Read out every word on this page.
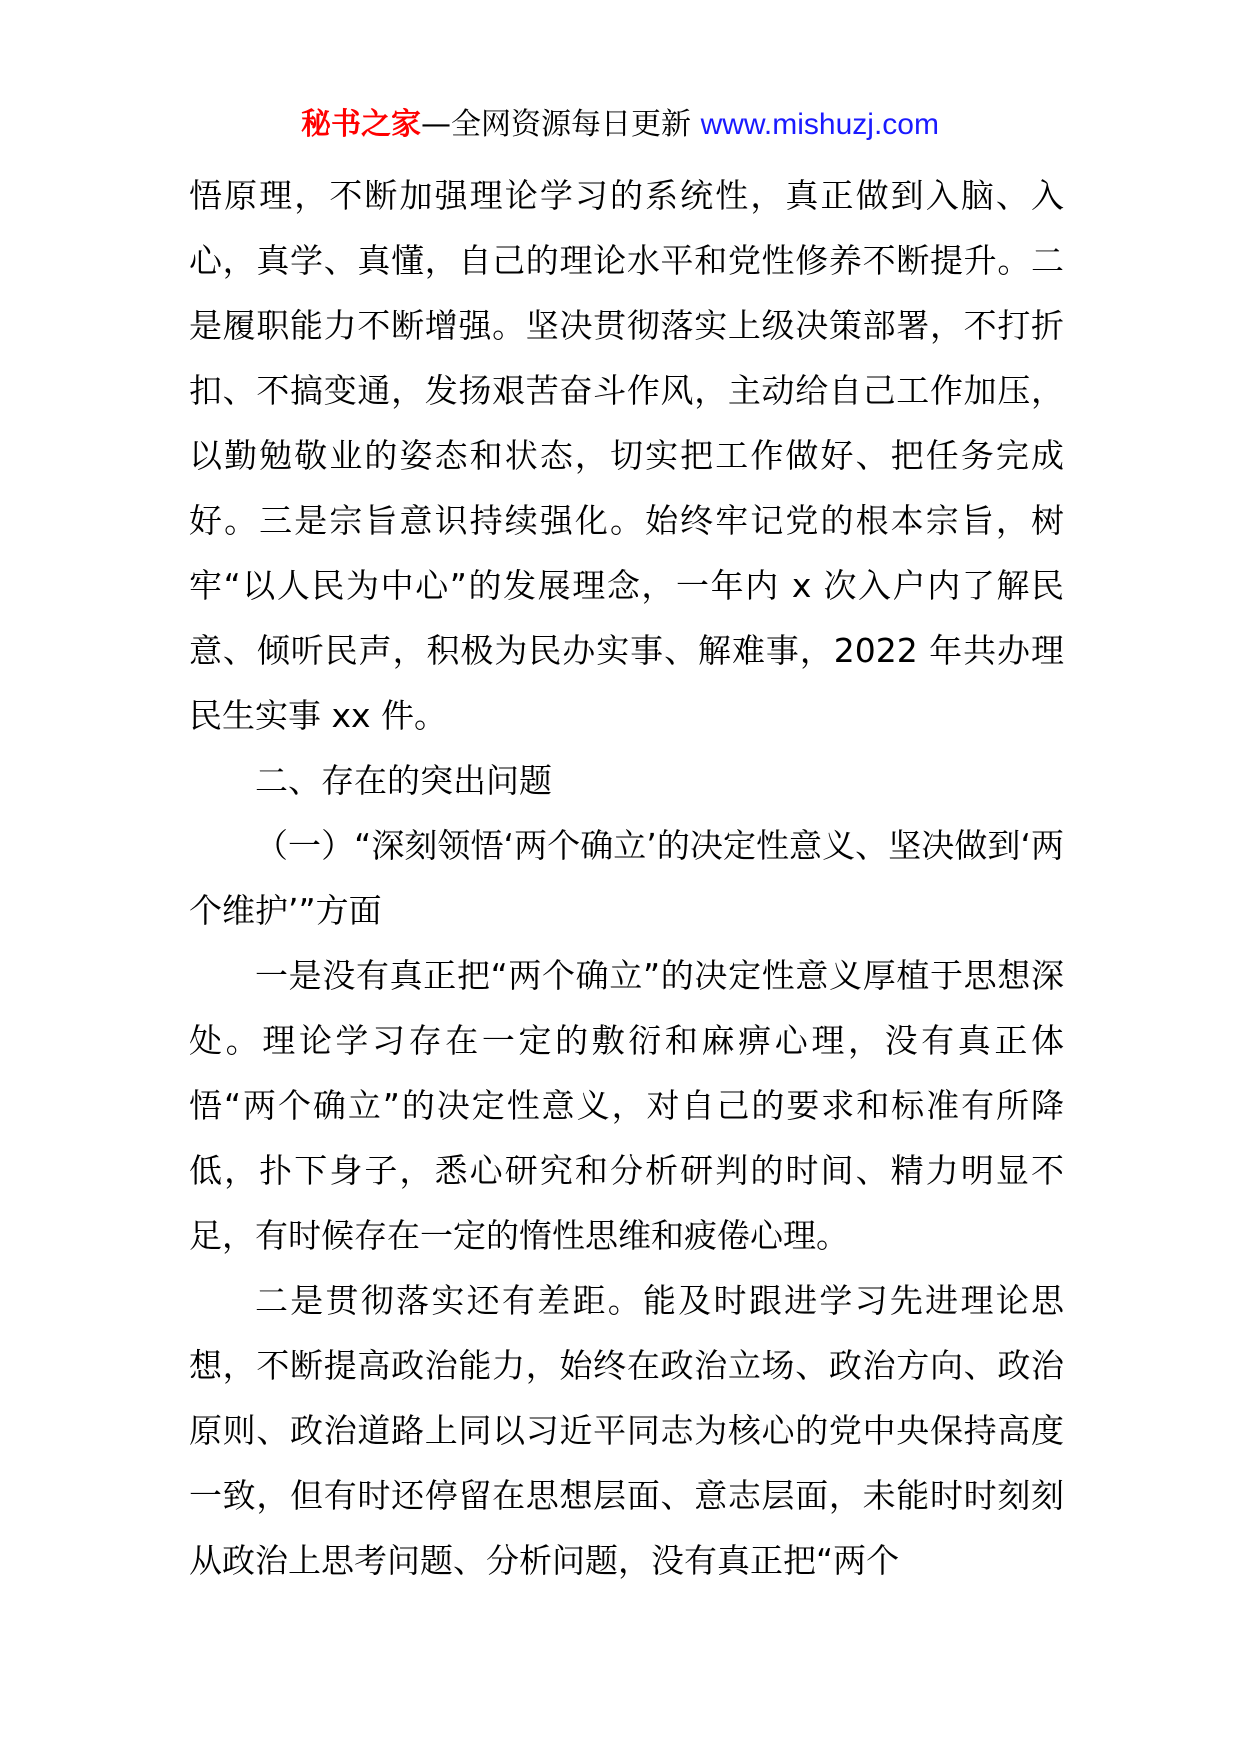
秘书之家—全网资源每日更新 www.mishuzj.com

悟原理，不断加强理论学习的系统性，真正做到入脑、入心，真学、真懂，自己的理论水平和党性修养不断提升。二是履职能力不断增强。坚决贯彻落实上级决策部署，不打折扣、不搞变通，发扬艰苦奋斗作风，主动给自己工作加压，以勤勉敬业的姿态和状态，切实把工作做好、把任务完成好。三是宗旨意识持续强化。始终牢记党的根本宗旨，树牢“以人民为中心”的发展理念，一年内 x 次入户内了解民意、倾听民声，积极为民办实事、解难事，2022 年共办理民生实事 xx 件。

二、存在的突出问题

（一）“深刻领悟‘两个确立’的决定性意义、坚决做到‘两个维护’”方面

一是没有真正把“两个确立”的决定性意义厚植于思想深处。理论学习存在一定的敷衍和麻痹心理，没有真正体悟“两个确立”的决定性意义，对自己的要求和标准有所降低，扑下身子，悉心研究和分析研判的时间、精力明显不足，有时候存在一定的惰性思维和疲倦心理。

二是贯彻落实还有差距。能及时跟进学习先进理论思想，不断提高政治能力，始终在政治立场、政治方向、政治原则、政治道路上同以习近平同志为核心的党中央保持高度一致，但有时还停留在思想层面、意志层面，未能时时刻刻从政治上思考问题、分析问题，没有真正把“两个
